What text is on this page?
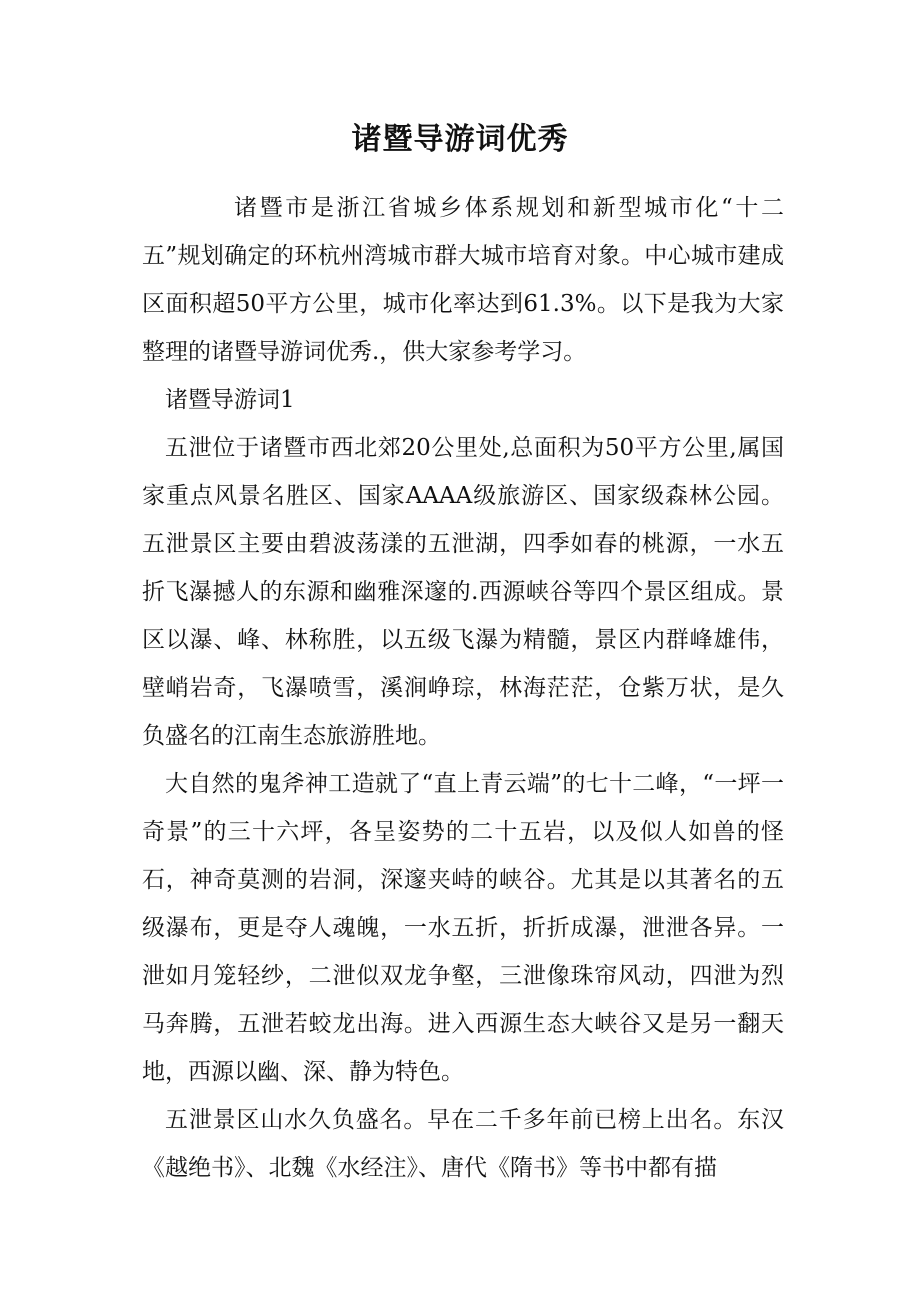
诸暨导游词优秀

诸暨市是浙江省城乡体系规划和新型城市化“十二五”规划确定的环杭州湾城市群大城市培育对象。中心城市建成区面积超50平方公里，城市化率达到61.3%。以下是我为大家整理的诸暨导游词优秀.，供大家参考学习。

诸暨导游词1

五泄位于诸暨市西北郊20公里处,总面积为50平方公里,属国家重点风景名胜区、国家AAAA级旅游区、国家级森林公园。 五泄景区主要由碧波荡漾的五泄湖，四季如春的桃源，一水五折飞瀑撼人的东源和幽雅深邃的.西源峡谷等四个景区组成。景区以瀑、峰、林称胜，以五级飞瀑为精髓，景区内群峰雄伟，壁峭岩奇，飞瀑喷雪，溪涧峥琮，林海茫茫，仓紫万状，是久负盛名的江南生态旅游胜地。

大自然的鬼斧神工造就了“直上青云端”的七十二峰，“一坪一奇景”的三十六坪，各呈姿势的二十五岩，以及似人如兽的怪石，神奇莫测的岩洞，深邃夹峙的峡谷。尤其是以其著名的五级瀑布，更是夺人魂魄，一水五折，折折成瀑，泄泄各异。一泄如月笼轻纱，二泄似双龙争壑，三泄像珠帘风动，四泄为烈马奔腾，五泄若蛟龙出海。进入西源生态大峡谷又是另一翻天地，西源以幽、深、静为特色。

五泄景区山水久负盛名。早在二千多年前已榜上出名。东汉《越绝书》、北魏《水经注》、唐代《隋书》等书中都有描
